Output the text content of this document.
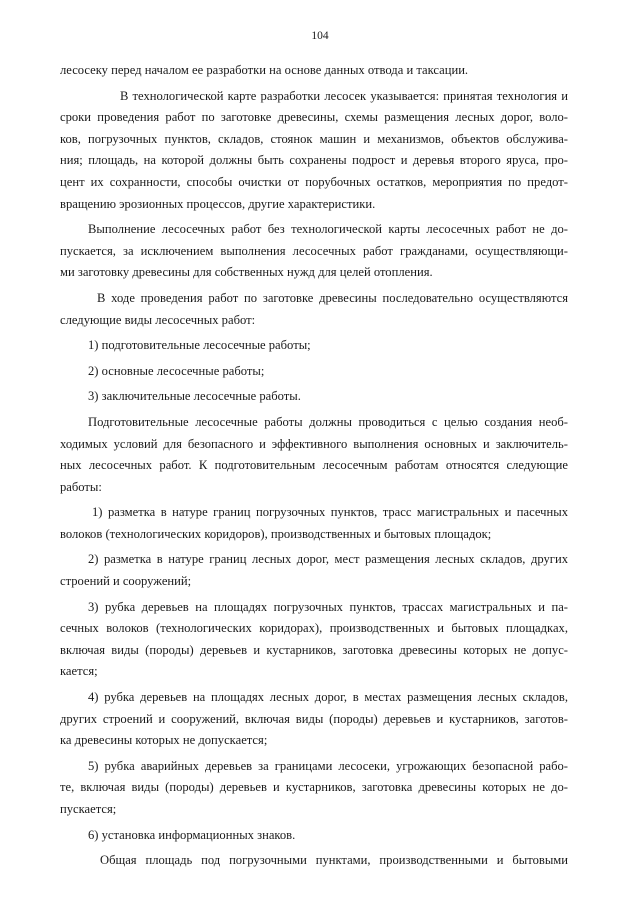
104
лесосеку перед началом ее разработки на основе данных отвода и таксации.
В технологической карте разработки лесосек указывается: принятая технология и
сроки проведения работ по заготовке древесины, схемы размещения лесных дорог, воло-
ков, погрузочных пунктов, складов, стоянок машин и механизмов, объектов обслужива-
ния; площадь, на которой должны быть сохранены подрост и деревья второго яруса, про-
цент их сохранности, способы очистки от порубочных остатков, мероприятия по предот-
вращению эрозионных процессов, другие характеристики.
Выполнение лесосечных работ без технологической карты лесосечных работ не до-
пускается, за исключением выполнения лесосечных работ гражданами, осуществляющи-
ми заготовку древесины для собственных нужд для целей отопления.
В ходе проведения работ по заготовке древесины последовательно осуществляются
следующие виды лесосечных работ:
1) подготовительные лесосечные работы;
2) основные лесосечные работы;
3) заключительные лесосечные работы.
Подготовительные лесосечные работы должны проводиться с целью создания необ-
ходимых условий для безопасного и эффективного выполнения основных и заключитель-
ных лесосечных работ. К подготовительным лесосечным работам относятся следующие
работы:
1) разметка в натуре границ погрузочных пунктов, трасс магистральных и пасечных
волоков (технологических коридоров), производственных и бытовых площадок;
2) разметка в натуре границ лесных дорог, мест размещения лесных складов, других
строений и сооружений;
3) рубка деревьев на площадях погрузочных пунктов, трассах магистральных и па-
сечных волоков (технологических коридорах), производственных и бытовых площадках,
включая виды (породы) деревьев и кустарников, заготовка древесины которых не допус-
кается;
4) рубка деревьев на площадях лесных дорог, в местах размещения лесных складов,
других строений и сооружений, включая виды (породы) деревьев и кустарников, заготов-
ка древесины которых не допускается;
5) рубка аварийных деревьев за границами лесосеки, угрожающих безопасной рабо-
те, включая виды (породы) деревьев и кустарников, заготовка древесины которых не до-
пускается;
6) установка информационных знаков.
Общая площадь под погрузочными пунктами, производственными и бытовыми
